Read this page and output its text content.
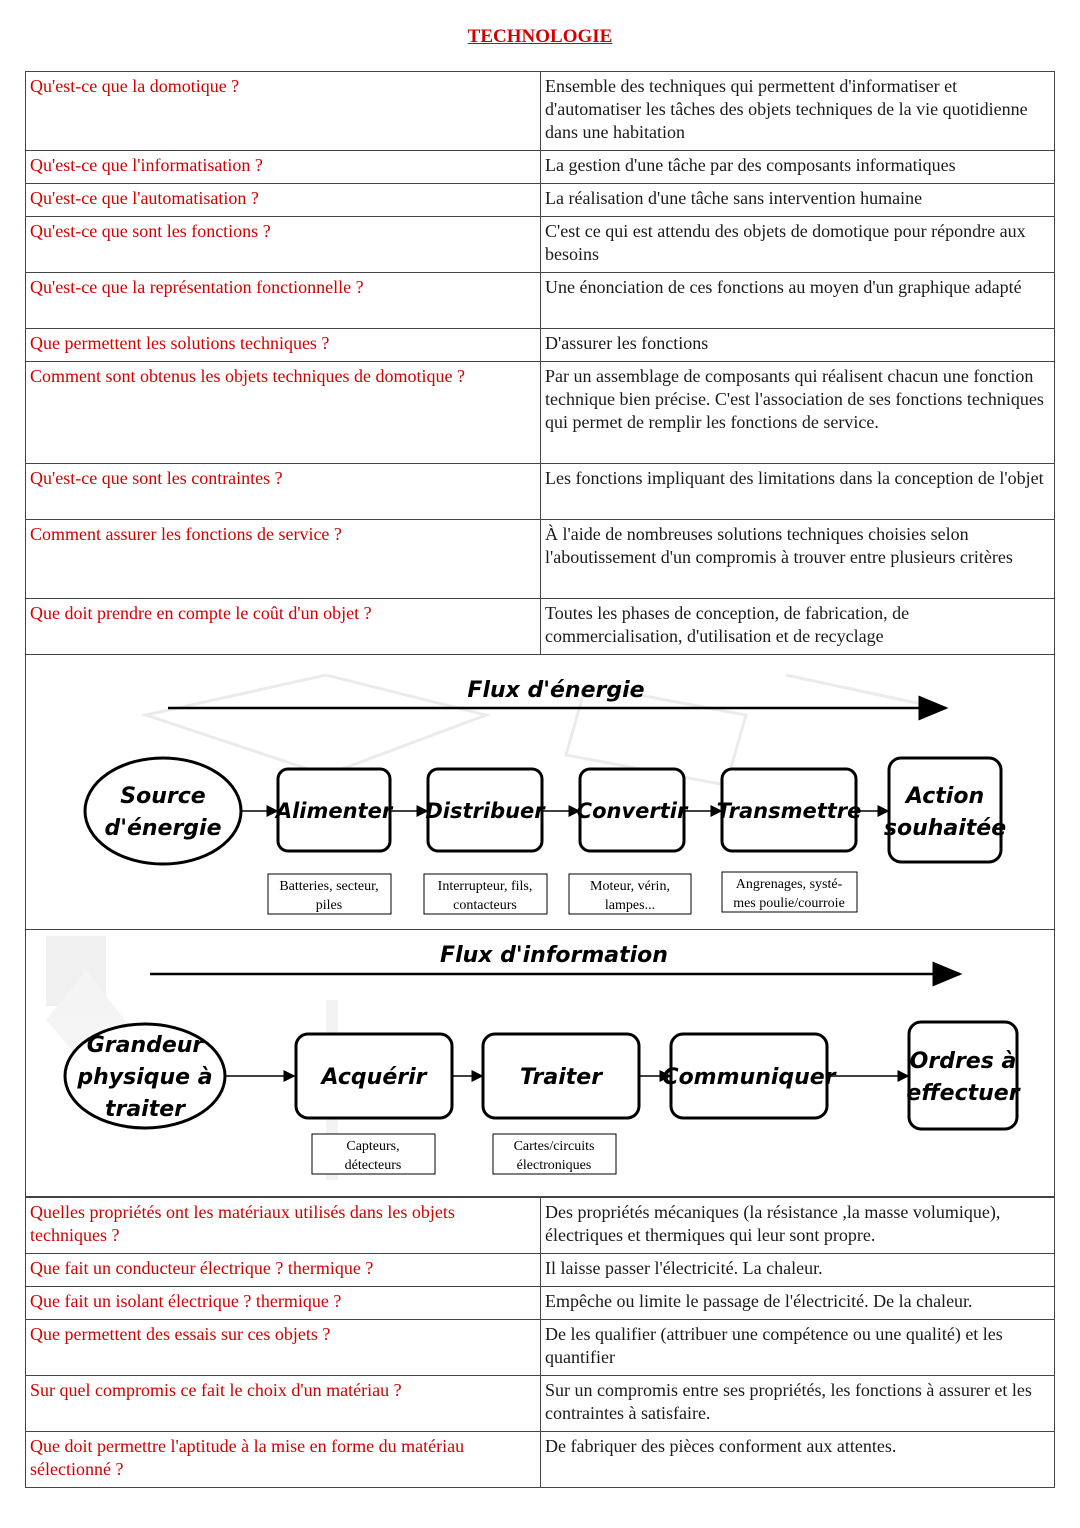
TECHNOLOGIE
Qu'est-ce que la domotique ?	Ensemble des techniques qui permettent d'informatiser et d'automatiser les tâches des objets techniques de la vie quotidienne dans une habitation
Qu'est-ce que l'informatisation ?	La gestion d'une tâche par des composants informatiques
Qu'est-ce que l'automatisation ?	La réalisation d'une tâche sans intervention humaine
Qu'est-ce que sont les fonctions ?	C'est ce qui est attendu des objets de domotique pour répondre aux besoins
Qu'est-ce que la représentation fonctionnelle ?	Une énonciation de ces fonctions au moyen d'un graphique adapté
Que permettent les solutions techniques ?	D'assurer les fonctions
Comment sont obtenus les objets techniques de domotique ?	Par un assemblage de composants qui réalisent chacun une fonction technique bien précise. C'est l'association de ses fonctions techniques qui permet de remplir les fonctions de service.
Qu'est-ce que sont les contraintes ?	Les fonctions impliquant des limitations dans la conception de l'objet
Comment assurer les fonctions de service ?	À l'aide de nombreuses solutions techniques choisies selon l'aboutissement d'un compromis à trouver entre plusieurs critères
Que doit prendre en compte le coût d'un objet ?	Toutes les phases de conception, de fabrication, de commercialisation, d'utilisation et de recyclage
Flux d'énergie
Source
d'énergie
Alimenter Distribuer Convertir Transmettre
Action
souhaitée
Batteries, secteur,
piles
Interrupteur, fils,
contacteurs
Moteur, vérin,
lampes...
Angrenages, systé-
mes poulie/courroie
Flux d'information
Grandeur
physique à
traiter
Acquérir	Traiter	Communiquer
Ordres à
effectuer
Capteurs,
détecteurs
Cartes/circuits
électroniques
Quelles propriétés ont les matériaux utilisés dans les objets techniques ?	Des propriétés mécaniques (la résistance ,la masse volumique), électriques et thermiques qui leur sont propre.
Que fait un conducteur électrique ? thermique ?	Il laisse passer l'électricité. La chaleur.
Que fait un isolant électrique ? thermique ?	Empêche ou limite le passage de l'électricité. De la chaleur.
Que permettent des essais sur ces objets ?	De les qualifier (attribuer une compétence ou une qualité) et les quantifier
Sur quel compromis ce fait le choix d'un matériau ?	Sur un compromis entre ses propriétés, les fonctions à assurer et les contraintes à satisfaire.
Que doit permettre l'aptitude à la mise en forme du matériau sélectionné ?	De fabriquer des pièces conforment aux attentes.
